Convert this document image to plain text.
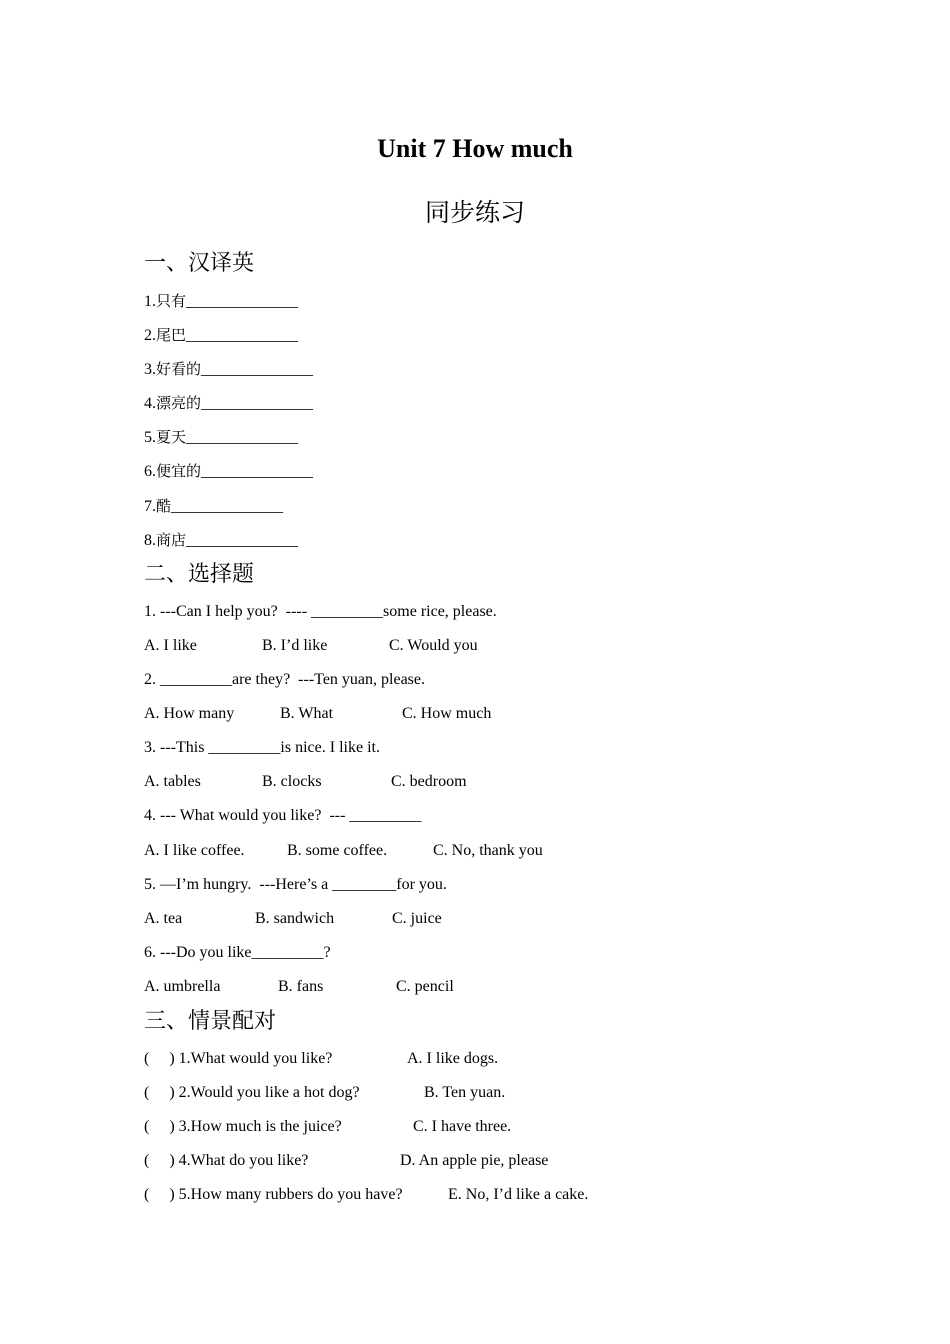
Unit 7 How much
同步练习
一、汉译英
1.只有______________
2.尾巴______________
3.好看的______________
4.漂亮的______________
5.夏天______________
6.便宜的______________
7.酷______________
8.商店______________
二、选择题
1. ---Can I help you?  ---- _________some rice, please.

A. I like

	B. I’d like

	C. Would you

2. _________are they?  ---Ten yuan, please.

A. How many

	B. What

	C. How much

3. ---This _________is nice. I like it.

A. tables

	B. clocks

	C. bedroom

4. --- What would you like?  --- _________

A. I like coffee.

	B. some coffee.

	C. No, thank you

5. —I’m hungry.  ---Here’s a ________for you.

A. tea

	B. sandwich

	C. juice

6. ---Do you like_________?

A. umbrella

	B. fans

	C. pencil

三、情景配对

(     ) 1.What would you like?

	A. I like dogs.

(     ) 2.Would you like a hot dog?

	B. Ten yuan.

(     ) 3.How much is the juice?

	C. I have three.

(     ) 4.What do you like?

	D. An apple pie, please

(     ) 5.How many rubbers do you have?

	E. No, I’d like a cake.
